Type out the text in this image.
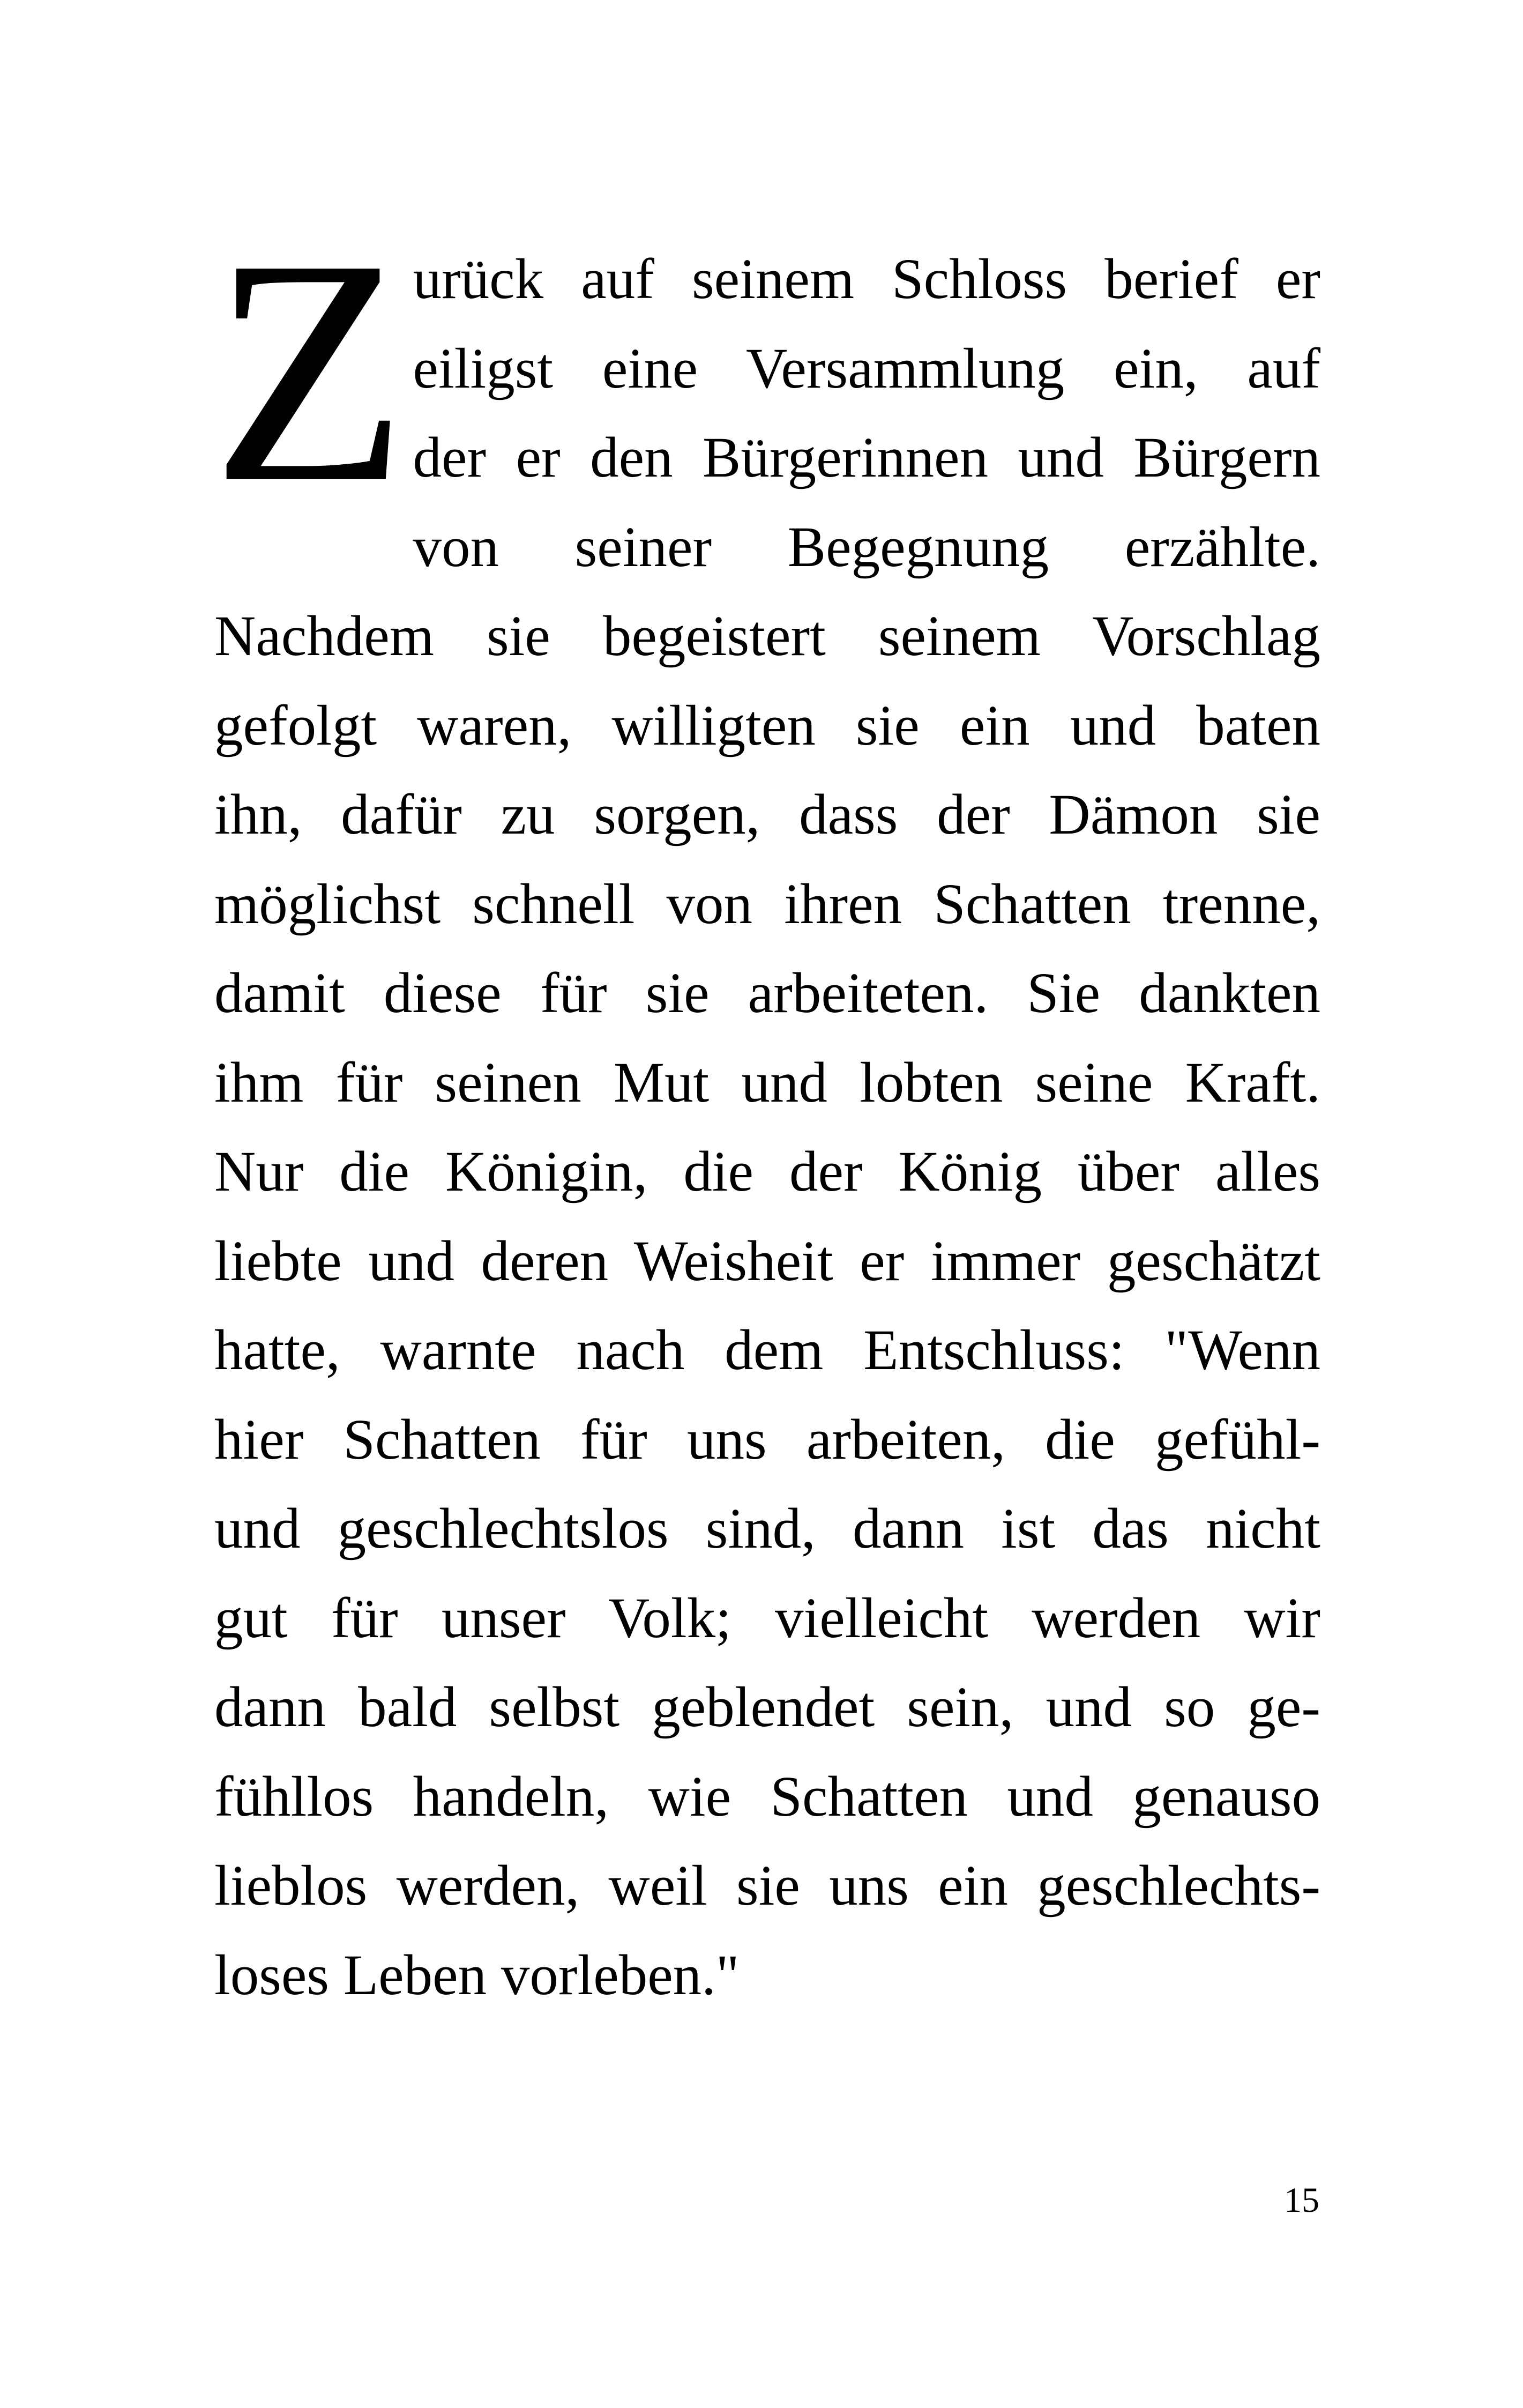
Z urück auf seinem Schloss berief er
eiligst eine Versammlung ein, auf
der er den Bürgerinnen und Bürgern
von seiner Begegnung erzählte.
Nachdem sie begeistert seinem Vorschlag
gefolgt waren, willigten sie ein und baten
ihn, dafür zu sorgen, dass der Dämon sie
möglichst schnell von ihren Schatten trenne,
damit diese für sie arbeiteten. Sie dankten
ihm für seinen Mut und lobten seine Kraft.
Nur die Königin, die der König über alles
liebte und deren Weisheit er immer geschätzt
hatte, warnte nach dem Entschluss: "Wenn
hier Schatten für uns arbeiten, die gefühl-
und geschlechtslos sind, dann ist das nicht
gut für unser Volk; vielleicht werden wir
dann bald selbst geblendet sein, und so ge-
fühllos handeln, wie Schatten und genauso
lieblos werden, weil sie uns ein geschlechts-
loses Leben vorleben."
15
